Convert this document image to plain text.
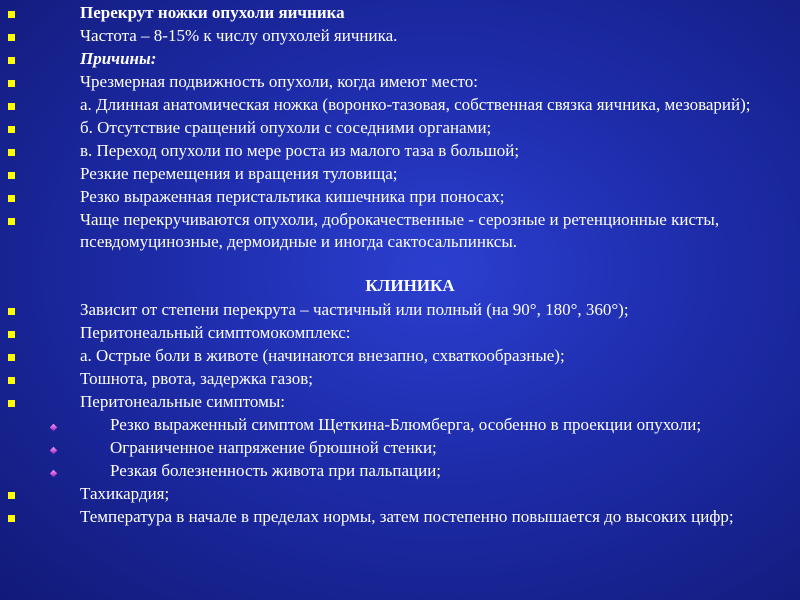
Перекрут ножки опухоли яичника
Частота – 8-15% к числу опухолей яичника.
Причины:
Чрезмерная подвижность опухоли, когда имеют место:
а. Длинная анатомическая ножка (воронко-тазовая, собственная связка яичника, мезоварий);
б. Отсутствие сращений опухоли с соседними органами;
в. Переход опухоли по мере роста из малого таза в большой;
Резкие перемещения и вращения туловища;
Резко выраженная перистальтика кишечника при поносах;
Чаще перекручиваются опухоли, доброкачественные - серозные и ретенционные кисты, псевдомуцинозные, дермоидные и иногда сактосальпинксы.
КЛИНИКА
Зависит от степени перекрута – частичный или полный (на 90°, 180°, 360°);
Перитонеальный симптомокомплекс:
а. Острые боли в животе (начинаются внезапно, схваткообразные);
Тошнота, рвота, задержка газов;
Перитонеальные симптомы:
Резко выраженный симптом Щеткина-Блюмберга, особенно в проекции опухоли;
Ограниченное напряжение брюшной стенки;
Резкая болезненность живота при пальпации;
Тахикардия;
Температура в начале в пределах нормы, затем постепенно повышается до высоких цифр;
